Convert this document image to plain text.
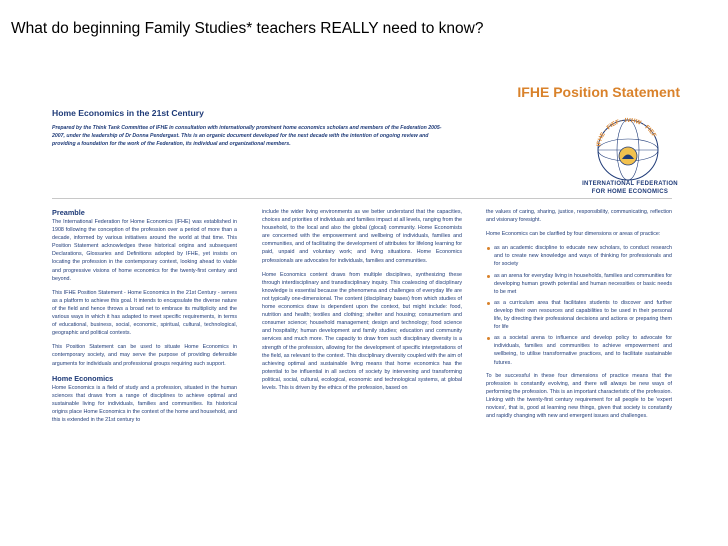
What do beginning Family Studies* teachers REALLY need to know?
IFHE Position Statement
IFHE · FIEF · IVHW · FIEF
INTERNATIONAL FEDERATION
FOR HOME ECONOMICS
Home Economics in the 21st Century
Prepared by the Think Tank Committee of IFHE in consultation with internationally prominent home economics scholars and members of the Federation 2005-2007, under the leadership of Dr Donna Pendergast. This is an organic document developed for the next decade with the intention of ongoing review and providing a foundation for the work of the Federation, its individual and organizational members.
Preamble

The International Federation for Home Economics (IFHE) was established in 1908 following the conception of the profession over a period of more than a decade, informed by various initiatives around the world at that time. This Position Statement acknowledges these historical origins and subsequent Declarations, Glossaries and Definitions adopted by IFHE, yet insists on locating the profession in the contemporary context, looking ahead to viable and progressive visions of home economics for the twenty-first century and beyond.

This IFHE Position Statement - Home Economics in the 21st Century - serves as a platform to achieve this goal. It intends to encapsulate the diverse nature of the field and hence throws a broad net to embrace its multiplicity and the various ways in which it has adapted to meet specific requirements, in terms of educational, business, social, economic, spiritual, cultural, technological, geographic and political contexts.

This Position Statement can be used to situate Home Economics in contemporary society, and may serve the purpose of providing defensible arguments for individuals and professional groups requiring such support.

Home Economics

Home Economics is a field of study and a profession, situated in the human sciences that draws from a range of disciplines to achieve optimal and sustainable living for individuals, families and communities. Its historical origins place Home Economics in the context of the home and household, and this is extended in the 21st century to

include the wider living environments as we better understand that the capacities, choices and priorities of individuals and families impact at all levels, ranging from the household, to the local and also the global (glocal) community. Home Economists are concerned with the empowerment and wellbeing of individuals, families and communities, and of facilitating the development of attributes for lifelong learning for paid, unpaid and voluntary work; and living situations. Home Economics professionals are advocates for individuals, families and communities.

Home Economics content draws from multiple disciplines, synthesizing these through interdisciplinary and transdisciplinary inquiry. This coalescing of disciplinary knowledge is essential because the phenomena and challenges of everyday life are not typically one-dimensional. The content (disciplinary bases) from which studies of home economics draw is dependent upon the context, but might include: food, nutrition and health; textiles and clothing; shelter and housing; consumerism and consumer science; household management; design and technology; food science and hospitality; human development and family studies; education and community services and much more. The capacity to draw from such disciplinary diversity is a strength of the profession, allowing for the development of specific interpretations of the field, as relevant to the context. This disciplinary diversity coupled with the aim of achieving optimal and sustainable living means that home economics has the potential to be influential in all sectors of society by intervening and transforming political, social, cultural, ecological, economic and technological systems, at global levels. This is driven by the ethics of the profession, based on

the values of caring, sharing, justice, responsibility, communicating, reflection and visionary foresight.

Home Economics can be clarified by four dimensions or areas of practice:

as an academic discipline to educate new scholars, to conduct research and to create new knowledge and ways of thinking for professionals and for society
as an arena for everyday living in households, families and communities for developing human growth potential and human necessities or basic needs to be met
as a curriculum area that facilitates students to discover and further develop their own resources and capabilities to be used in their personal life, by directing their professional decisions and actions or preparing them for life
as a societal arena to influence and develop policy to advocate for individuals, families and communities to achieve empowerment and wellbeing, to utilise transformative practices, and to facilitate sustainable futures.

To be successful in these four dimensions of practice means that the profession is constantly evolving, and there will always be new ways of performing the profession. This is an important characteristic of the profession. Linking with the twenty-first century requirement for all people to be 'expert novices', that is, good at learning new things, given that society is constantly and rapidly changing with new and emergent issues and challenges.
